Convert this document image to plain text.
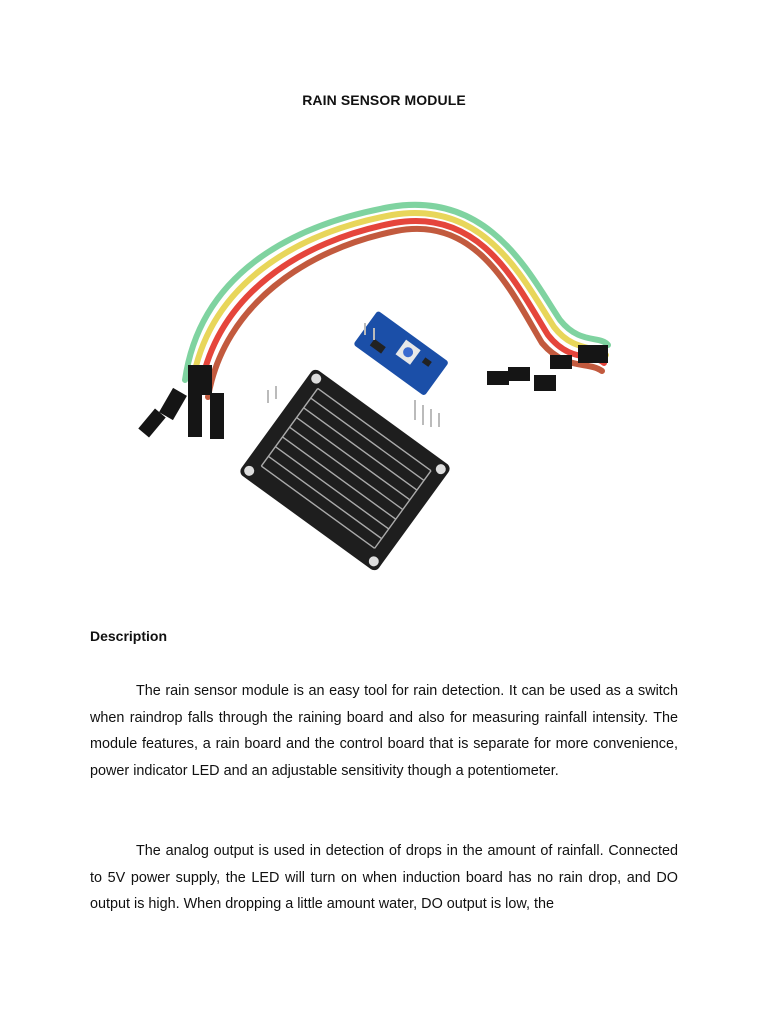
RAIN SENSOR MODULE
Description

The rain sensor module is an easy tool for rain detection. It can be used as a switch when raindrop falls through the raining board and also for measuring rainfall intensity. The module features, a rain board and the control board that is separate for more convenience, power indicator LED and an adjustable sensitivity though a potentiometer.

The analog output is used in detection of drops in the amount of rainfall. Connected to 5V power supply, the LED will turn on when induction board has no rain drop, and DO output is high. When dropping a little amount water, DO output is low, the
